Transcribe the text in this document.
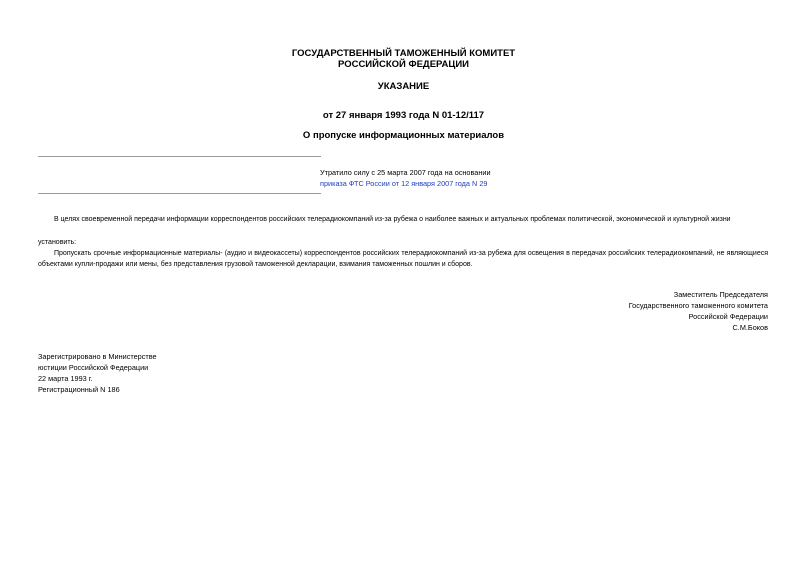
ГОСУДАРСТВЕННЫЙ ТАМОЖЕННЫЙ КОМИТЕТ
РОССИЙСКОЙ ФЕДЕРАЦИИ
УКАЗАНИЕ
от 27 января 1993 года N 01-12/117
О пропуске информационных материалов
Утратило силу с 25 марта 2007 года на основании
приказа ФТС России от 12 января 2007 года N 29
В целях своевременной передачи информации корреспондентов российских телерадиокомпаний из-за рубежа о наиболее важных и актуальных проблемах политической, экономической и культурной жизни
установить:
Пропускать срочные информационные материалы- (аудио и видеокассеты) корреспондентов российских телерадиокомпаний из-за рубежа для освещения в передачах российских телерадиокомпаний, не являющиеся объектами купли-продажи или мены, без представления грузовой таможенной декларации, взимания таможенных пошлин и сборов.
Заместитель Председателя
Государственного таможенного комитета
Российской Федерации
С.М.Боков
Зарегистрировано в Министерстве
юстиции Российской Федерации
22 марта 1993 г.
Регистрационный N 186
